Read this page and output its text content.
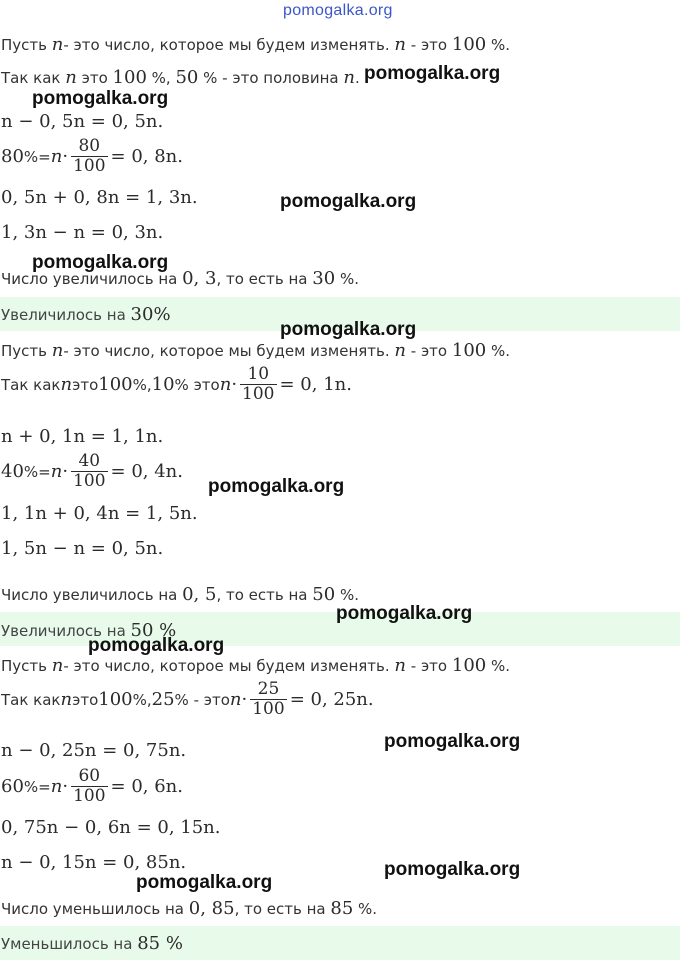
pomogalka.org
Пусть n- это число, которое мы будем изменять. n - это 100 %.
Так как n это 100 %, 50 % - это половина n.
n − 0, 5n = 0, 5n.
80 %= $n \cdot \frac{80}{100} = 0$, 8n.
0, 5n + 0, 8n = 1, 3n.
1, 3n − n = 0, 3n.
Число увеличилось на 0, 3, то есть на 30 %.
Увеличилось на 30%
Пусть n- это число, которое мы будем изменять. n - это 100 %.
Так как n это 100 %, 10 % это $n \cdot \frac{10}{100} = 0$, 1n.
n + 0, 1n = 1, 1n.
40 %= $n \cdot \frac{40}{100} = 0$, 4n.
1, 1n + 0, 4n = 1, 5n.
1, 5n − n = 0, 5n.
Число увеличилось на 0, 5, то есть на 50 %.
Увеличилось на 50 %
Пусть n- это число, которое мы будем изменять. n - это 100 %.
Так как n это 100 %, 25 % - это $n \cdot \frac{25}{100} = 0$, 25n.
n − 0, 25n = 0, 75n.
60 %= $n \cdot \frac{60}{100} = 0$, 6n.
0, 75n − 0, 6n = 0, 15n.
n − 0, 15n = 0, 85n.
Число уменьшилось на 0, 85, то есть на 85 %.
Уменьшилось на 85 %
pomogalka.org
pomogalka.org
pomogalka.org
pomogalka.org
pomogalka.org
pomogalka.org
pomogalka.org
pomogalka.org
pomogalka.org
pomogalka.org
pomogalka.org
